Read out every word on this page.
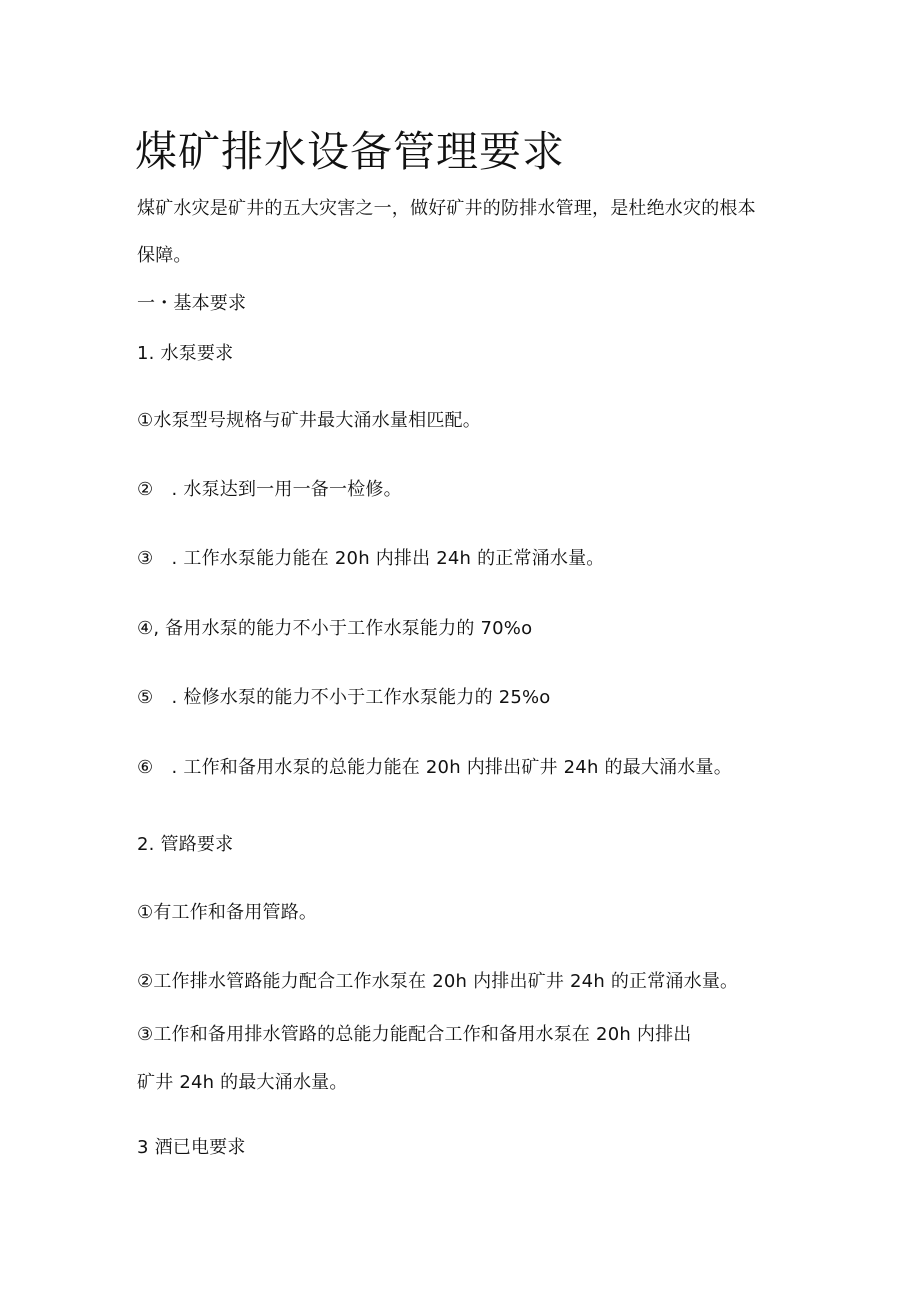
煤矿排水设备管理要求
煤矿水灾是矿井的五大灾害之一，做好矿井的防排水管理，是杜绝水灾的根本
保障。
一・基本要求
1. 水泵要求
①水泵型号规格与矿井最大涌水量相匹配。
②　. 水泵达到一用一备一检修。
③　. 工作水泵能力能在 20h 内排出 24h 的正常涌水量。
④, 备用水泵的能力不小于工作水泵能力的 70%o
⑤　. 检修水泵的能力不小于工作水泵能力的 25%o
⑥　. 工作和备用水泵的总能力能在 20h 内排出矿井 24h 的最大涌水量。
2. 管路要求
①有工作和备用管路。
②工作排水管路能力配合工作水泵在 20h 内排出矿井 24h 的正常涌水量。
③工作和备用排水管路的总能力能配合工作和备用水泵在 20h 内排出
矿井 24h 的最大涌水量。
3 酒已电要求
